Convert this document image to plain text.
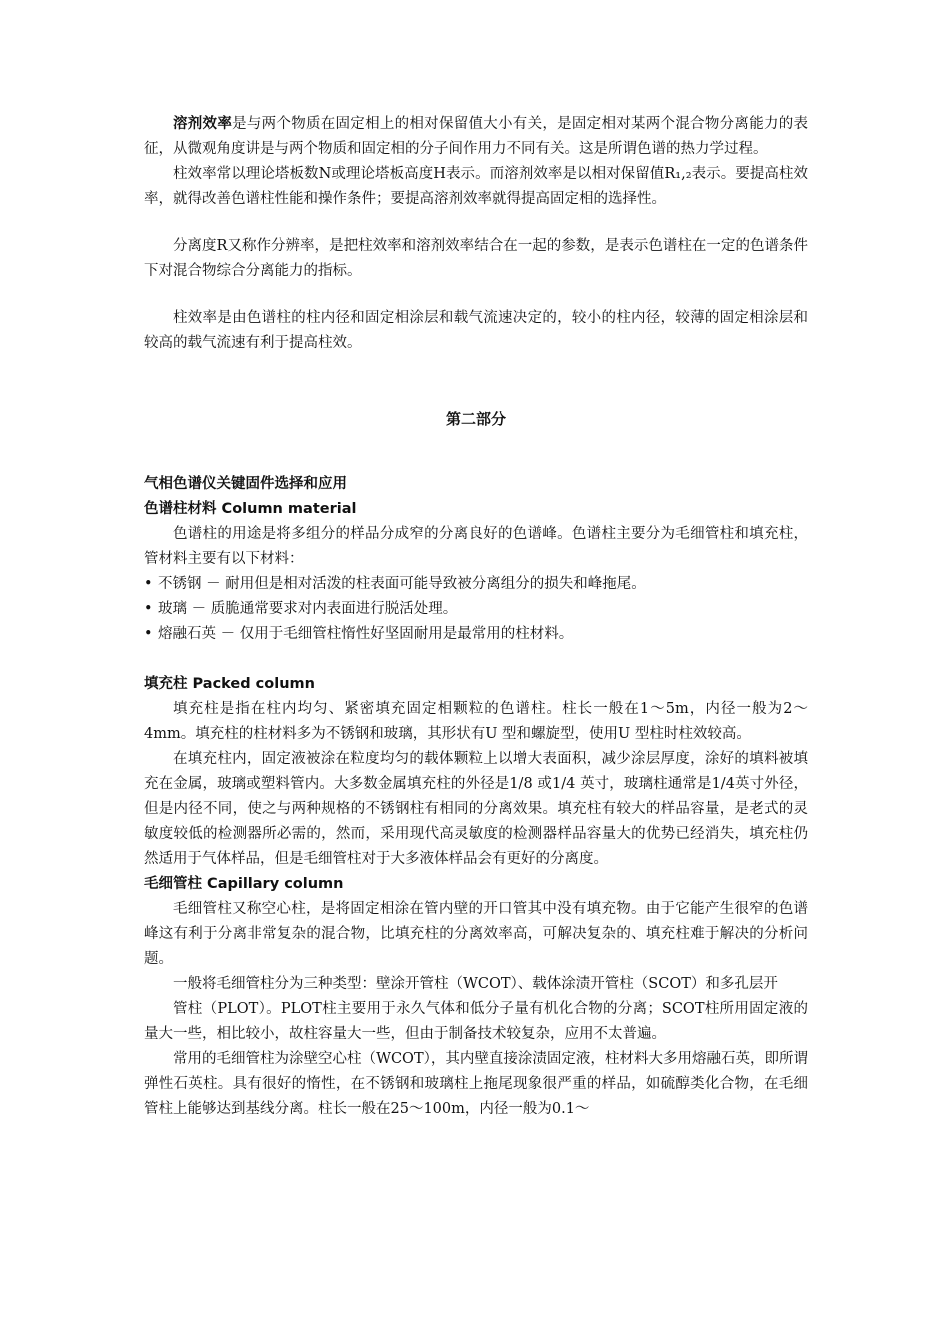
溶剂效率是与两个物质在固定相上的相对保留值大小有关，是固定相对某两个混合物分离能力的表征，从微观角度讲是与两个物质和固定相的分子间作用力不同有关。这是所谓色谱的热力学过程。

柱效率常以理论塔板数N或理论塔板高度H表示。而溶剂效率是以相对保留值R₁,₂表示。要提高柱效率，就得改善色谱柱性能和操作条件；要提高溶剂效率就得提高固定相的选择性。

分离度R又称作分辨率，是把柱效率和溶剂效率结合在一起的参数，是表示色谱柱在一定的色谱条件下对混合物综合分离能力的指标。

柱效率是由色谱柱的柱内径和固定相涂层和载气流速决定的，较小的柱内径，较薄的固定相涂层和较高的载气流速有利于提高柱效。

第二部分
气相色谱仪关键固件选择和应用
色谱柱材料 Column material

色谱柱的用途是将多组分的样品分成窄的分离良好的色谱峰。色谱柱主要分为毛细管柱和填充柱，管材料主要有以下材料：

• 不锈钢 － 耐用但是相对活泼的柱表面可能导致被分离组分的损失和峰拖尾。
• 玻璃 － 质脆通常要求对内表面进行脱活处理。
• 熔融石英 － 仅用于毛细管柱惰性好坚固耐用是最常用的柱材料。
填充柱 Packed column

填充柱是指在柱内均匀、紧密填充固定相颗粒的色谱柱。柱长一般在1～5m，内径一般为2～4mm。填充柱的柱材料多为不锈钢和玻璃，其形状有U 型和螺旋型，使用U 型柱时柱效较高。

在填充柱内，固定液被涂在粒度均匀的载体颗粒上以增大表面积，减少涂层厚度，涂好的填料被填充在金属，玻璃或塑料管内。大多数金属填充柱的外径是1/8 或1/4 英寸，玻璃柱通常是1/4英寸外径，但是内径不同，使之与两种规格的不锈钢柱有相同的分离效果。填充柱有较大的样品容量，是老式的灵敏度较低的检测器所必需的，然而，采用现代高灵敏度的检测器样品容量大的优势已经消失，填充柱仍然适用于气体样品，但是毛细管柱对于大多液体样品会有更好的分离度。

毛细管柱 Capillary column

毛细管柱又称空心柱，是将固定相涂在管内壁的开口管其中没有填充物。由于它能产生很窄的色谱峰这有利于分离非常复杂的混合物，比填充柱的分离效率高，可解决复杂的、填充柱难于解决的分析问题。

一般将毛细管柱分为三种类型：壁涂开管柱（WCOT）、载体涂渍开管柱（SCOT）和多孔层开

管柱（PLOT）。PLOT柱主要用于永久气体和低分子量有机化合物的分离；SCOT柱所用固定液的量大一些，相比较小，故柱容量大一些，但由于制备技术较复杂，应用不太普遍。

常用的毛细管柱为涂壁空心柱（WCOT），其内壁直接涂渍固定液，柱材料大多用熔融石英，即所谓弹性石英柱。具有很好的惰性，在不锈钢和玻璃柱上拖尾现象很严重的样品，如硫醇类化合物，在毛细管柱上能够达到基线分离。柱长一般在25～100m，内径一般为0.1～
